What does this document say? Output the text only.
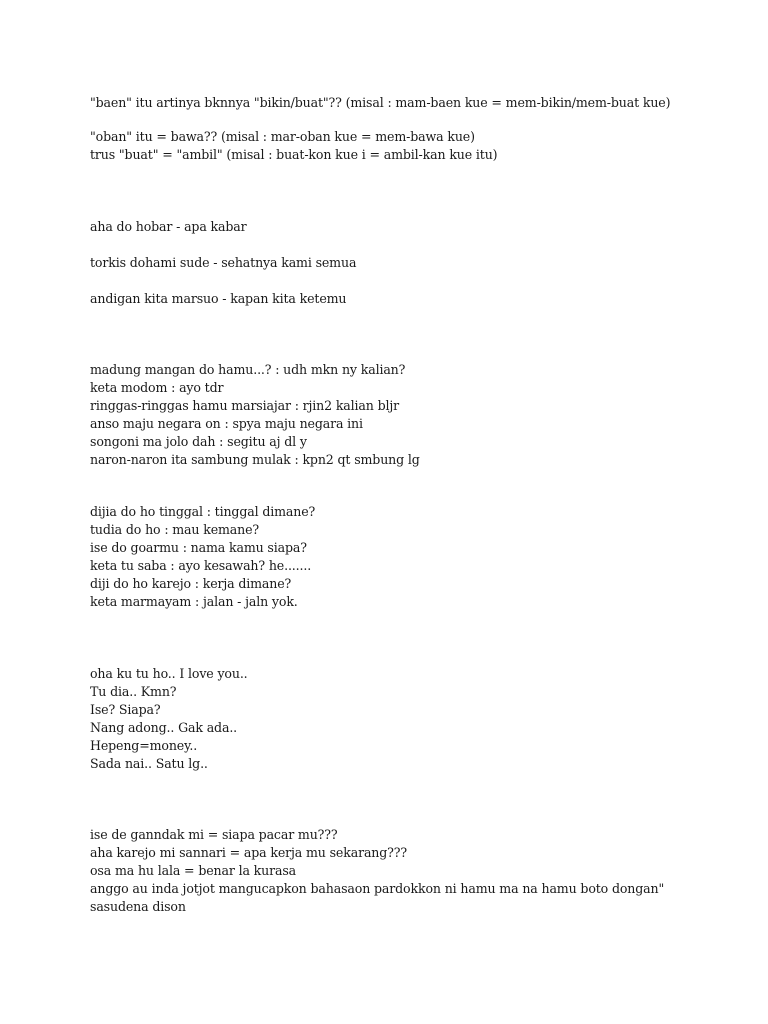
"baen" itu artinya bknnya "bikin/buat"?? (misal : mam-baen kue = mem-bikin/mem-buat kue)
"oban" itu = bawa?? (misal : mar-oban kue = mem-bawa kue)
trus "buat" = "ambil" (misal : buat-kon kue i = ambil-kan kue itu)
aha do hobar - apa kabar
torkis dohami sude - sehatnya kami semua
andigan kita marsuo - kapan kita ketemu
madung mangan do hamu...? : udh mkn ny kalian?
keta modom : ayo tdr
ringgas-ringgas hamu marsiajar : rjin2 kalian bljr
anso maju negara on : spya maju negara ini
songoni ma jolo dah : segitu aj dl y
naron-naron ita sambung mulak : kpn2 qt smbung lg
dijia do ho tinggal : tinggal dimane?
tudia do ho : mau kemane?
ise do goarmu : nama kamu siapa?
keta tu saba : ayo kesawah? he.......
diji do ho karejo : kerja dimane?
keta marmayam : jalan - jaln yok.
oha ku tu ho.. I love you..
Tu dia.. Kmn?
Ise? Siapa?
Nang adong.. Gak ada..
Hepeng=money..
Sada nai.. Satu lg..
ise de ganndak mi = siapa pacar mu???
aha karejo mi sannari = apa kerja mu sekarang???
osa ma hu lala = benar la kurasa
anggo au inda jotjot mangucapkon bahasaon pardokkon ni hamu ma na hamu boto dongan"
sasudena dison
